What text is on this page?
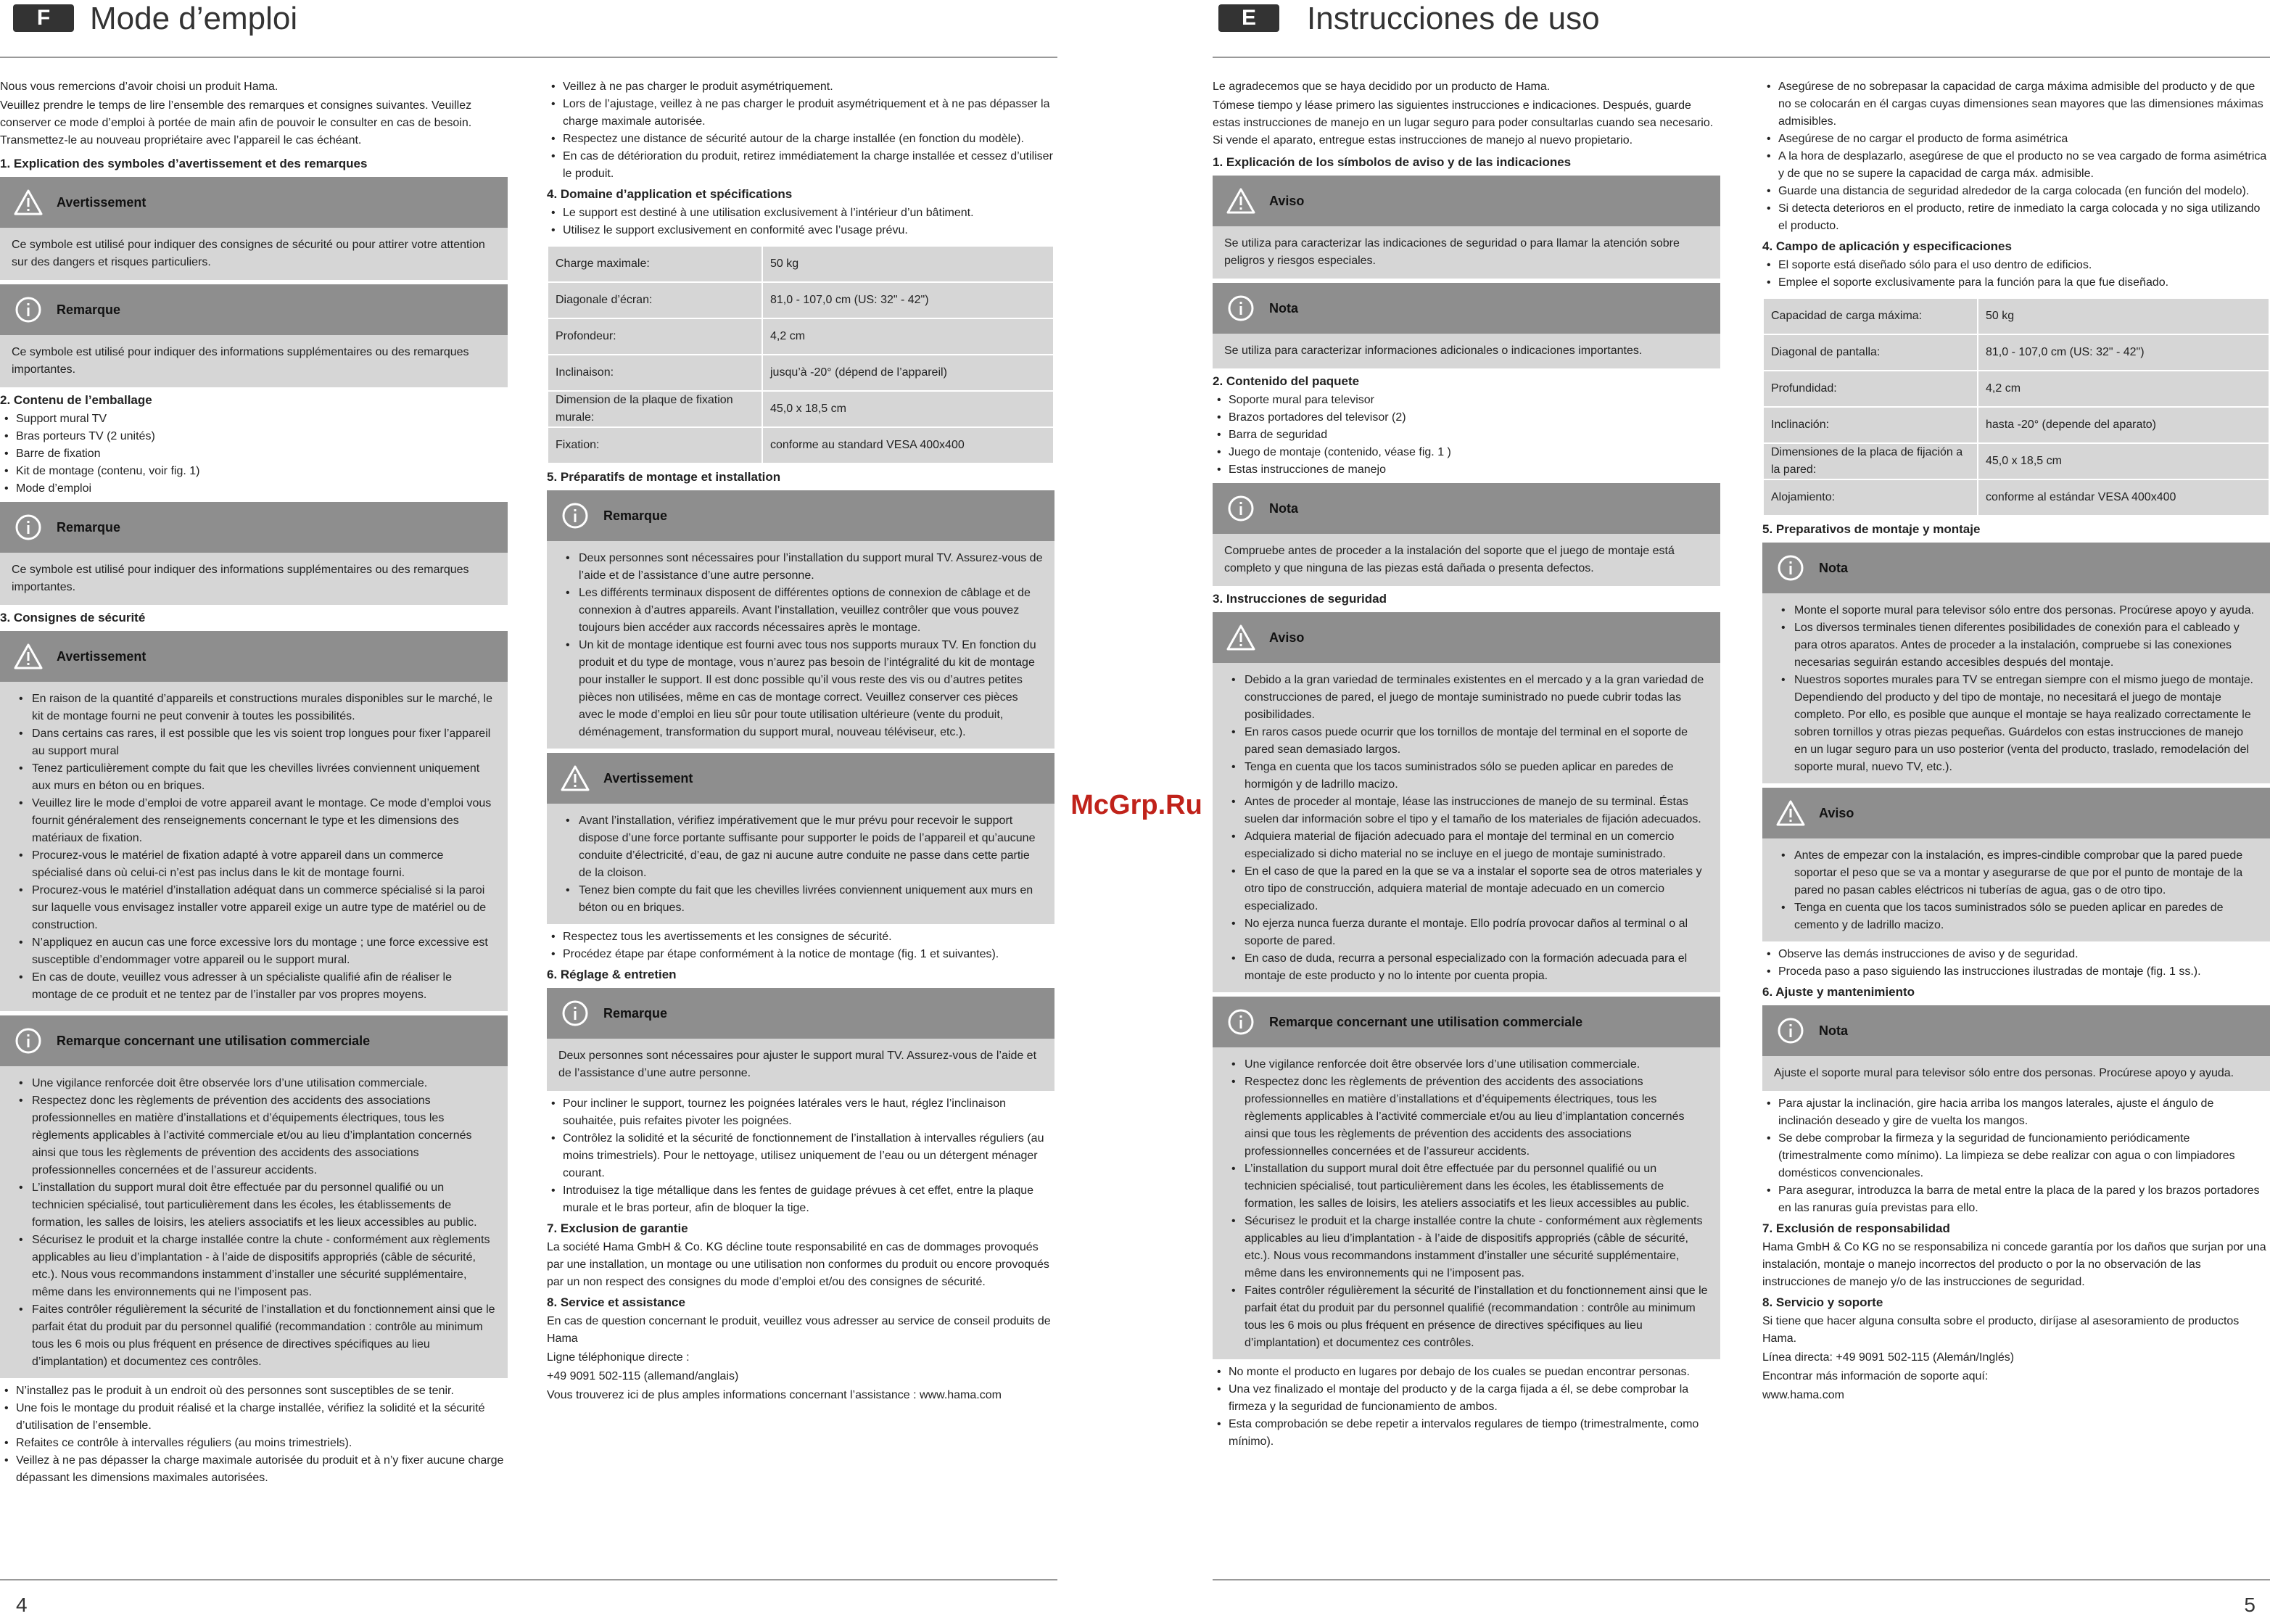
F	Mode d’emploi

Nous vous remercions d’avoir choisi un produit Hama.

Veuillez prendre le temps de lire l’ensemble des remarques et consignes suivantes. Veuillez conserver ce mode d’emploi à portée de main afin de pouvoir le consulter en cas de besoin. Transmettez-le au nouveau propriétaire avec l’appareil le cas échéant.

1. Explication des symboles d’avertissement et des remarques
Avertissement

Ce symbole est utilisé pour indiquer des consignes de sécurité ou pour attirer votre attention sur des dangers et risques particuliers.

Remarque

Ce symbole est utilisé pour indiquer des informations supplémentaires ou des remarques importantes.

2. Contenu de l’emballage
• Support mural TV
• Bras porteurs TV (2 unités)
• Barre de fixation
• Kit de montage (contenu, voir fig. 1)
• Mode d’emploi
Remarque

Ce symbole est utilisé pour indiquer des informations supplémentaires ou des remarques importantes.

3. Consignes de sécurité
Avertissement
• En raison de la quantité d’appareils et constructions murales disponibles sur le marché, le kit de montage fourni ne peut convenir à toutes les possibilités.
• Dans certains cas rares, il est possible que les vis soient trop longues pour fixer l’appareil au support mural
• Tenez particulièrement compte du fait que les chevilles livrées conviennent uniquement aux murs en béton ou en briques.
• Veuillez lire le mode d’emploi de votre appareil avant le montage. Ce mode d’emploi vous fournit généralement des renseignements concernant le type et les dimensions des matériaux de fixation.
• Procurez-vous le matériel de fixation adapté à votre appareil dans un commerce spécialisé dans où celui-ci n’est pas inclus dans le kit de montage fourni.
• Procurez-vous le matériel d’installation adéquat dans un commerce spécialisé si la paroi sur laquelle vous envisagez installer votre appareil exige un autre type de matériel ou de construction.
• N’appliquez en aucun cas une force excessive lors du montage ; une force excessive est susceptible d’endommager votre appareil ou le support mural.
• En cas de doute, veuillez vous adresser à un spécialiste qualifié afin de réaliser le montage de ce produit et ne tentez par de l’installer par vos propres moyens.
Remarque concernant une utilisation commerciale
• Une vigilance renforcée doit être observée lors d’une utilisation commerciale.
• Respectez donc les règlements de prévention des accidents des associations professionnelles en matière d’installations et d’équipements électriques, tous les règlements applicables à l’activité commerciale et/ou au lieu d’implantation concernés ainsi que tous les règlements de prévention des accidents des associations professionnelles concernées et de l’assureur accidents.
• L’installation du support mural doit être effectuée par du personnel qualifié ou un technicien spécialisé, tout particulièrement dans les écoles, les établissements de formation, les salles de loisirs, les ateliers associatifs et les lieux accessibles au public.
• Sécurisez le produit et la charge installée contre la chute - conformément aux règlements applicables au lieu d’implantation - à l’aide de dispositifs appropriés (câble de sécurité, etc.). Nous vous recommandons instamment d’installer une sécurité supplémentaire, même dans les environnements qui ne l’imposent pas.
• Faites contrôler régulièrement la sécurité de l’installation et du fonctionnement ainsi que le parfait état du produit par du personnel qualifié (recommandation : contrôle au minimum tous les 6 mois ou plus fréquent en présence de directives spécifiques au lieu d’implantation) et documentez ces contrôles.
• N’installez pas le produit à un endroit où des personnes sont susceptibles de se tenir.
• Une fois le montage du produit réalisé et la charge installée, vérifiez la solidité et la sécurité d’utilisation de l’ensemble.
• Refaites ce contrôle à intervalles réguliers (au moins trimestriels).
• Veillez à ne pas dépasser la charge maximale autorisée du produit et à n’y fixer aucune charge dépassant les dimensions maximales autorisées.
• Veillez à ne pas charger le produit asymétriquement.
• Lors de l’ajustage, veillez à ne pas charger le produit asymétriquement et à ne pas dépasser la charge maximale autorisée.
• Respectez une distance de sécurité autour de la charge installée (en fonction du modèle).
• En cas de détérioration du produit, retirez immédiatement la charge installée et cessez d’utiliser le produit.
4. Domaine d’application et spécifications
• Le support est destiné à une utilisation exclusivement à l’intérieur d’un bâtiment.
• Utilisez le support exclusivement en conformité avec l’usage prévu.
Charge maximale:	50 kg
Diagonale d’écran:	81,0 - 107,0 cm (US: 32" - 42")
Profondeur:	4,2 cm
Inclinaison:	jusqu’à -20° (dépend de l’appareil)
Dimension de la plaque de fixation murale:	45,0 x 18,5 cm
Fixation:	conforme au standard VESA 400x400
5. Préparatifs de montage et installation
Remarque
• Deux personnes sont nécessaires pour l’installation du support mural TV. Assurez-vous de l’aide et de l’assistance d’une autre personne.
• Les différents terminaux disposent de différentes options de connexion de câblage et de connexion à d’autres appareils. Avant l’installation, veuillez contrôler que vous pouvez toujours bien accéder aux raccords nécessaires après le montage.
• Un kit de montage identique est fourni avec tous nos supports muraux TV. En fonction du produit et du type de montage, vous n’aurez pas besoin de l’intégralité du kit de montage pour installer le support. Il est donc possible qu’il vous reste des vis ou d’autres petites pièces non utilisées, même en cas de montage correct. Veuillez conserver ces pièces avec le mode d’emploi en lieu sûr pour toute utilisation ultérieure (vente du produit, déménagement, transformation du support mural, nouveau téléviseur, etc.).
Avertissement
• Avant l’installation, vérifiez impérativement que le mur prévu pour recevoir le support dispose d’une force portante suffisante pour supporter le poids de l’appareil et qu’aucune conduite d’électricité, d’eau, de gaz ni aucune autre conduite ne passe dans cette partie de la cloison.
• Tenez bien compte du fait que les chevilles livrées conviennent uniquement aux murs en béton ou en briques.
• Respectez tous les avertissements et les consignes de sécurité.
• Procédez étape par étape conformément à la notice de montage (fig. 1 et suivantes).
6. Réglage & entretien
Remarque

Deux personnes sont nécessaires pour ajuster le support mural TV. Assurez-vous de l’aide et de l’assistance d’une autre personne.

• Pour incliner le support, tournez les poignées latérales vers le haut, réglez l’inclinaison souhaitée, puis refaites pivoter les poignées.
• Contrôlez la solidité et la sécurité de fonctionnement de l’installation à intervalles réguliers (au moins trimestriels). Pour le nettoyage, utilisez uniquement de l’eau ou un détergent ménager courant.
• Introduisez la tige métallique dans les fentes de guidage prévues à cet effet, entre la plaque murale et le bras porteur, afin de bloquer la tige.
7. Exclusion de garantie

La société Hama GmbH & Co. KG décline toute responsabilité en cas de dommages provoqués par une installation, un montage ou une utilisation non conformes du produit ou encore provoqués par un non respect des consignes du mode d’emploi et/ou des consignes de sécurité.

8. Service et assistance

En cas de question concernant le produit, veuillez vous adresser au service de conseil produits de Hama

Ligne téléphonique directe :

+49 9091 502-115 (allemand/anglais)

Vous trouverez ici de plus amples informations concernant l’assistance : www.hama.com

4
McGrp.Ru
E	Instrucciones de uso

Le agradecemos que se haya decidido por un producto de Hama.

Tómese tiempo y léase primero las siguientes instrucciones e indicaciones. Después, guarde estas instrucciones de manejo en un lugar seguro para poder consultarlas cuando sea necesario. Si vende el aparato, entregue estas instrucciones de manejo al nuevo propietario.

1. Explicación de los símbolos de aviso y de las indicaciones
Aviso

Se utiliza para caracterizar las indicaciones de seguridad o para llamar la atención sobre peligros y riesgos especiales.

Nota

Se utiliza para caracterizar informaciones adicionales o indicaciones importantes.

2. Contenido del paquete
• Soporte mural para televisor
• Brazos portadores del televisor (2)
• Barra de seguridad
• Juego de montaje (contenido, véase fig. 1 )
• Estas instrucciones de manejo
Nota

Compruebe antes de proceder a la instalación del soporte que el juego de montaje está completo y que ninguna de las piezas está dañada o presenta defectos.

3. Instrucciones de seguridad
Aviso
• Debido a la gran variedad de terminales existentes en el mercado y a la gran variedad de construcciones de pared, el juego de montaje suministrado no puede cubrir todas las posibilidades.
• En raros casos puede ocurrir que los tornillos de montaje del terminal en el soporte de pared sean demasiado largos.
• Tenga en cuenta que los tacos suministrados sólo se pueden aplicar en paredes de hormigón y de ladrillo macizo.
• Antes de proceder al montaje, léase las instrucciones de manejo de su terminal. Éstas suelen dar información sobre el tipo y el tamaño de los materiales de fijación adecuados.
• Adquiera material de fijación adecuado para el montaje del terminal en un comercio especializado si dicho material no se incluye en el juego de montaje suministrado.
• En el caso de que la pared en la que se va a instalar el soporte sea de otros materiales y otro tipo de construcción, adquiera material de montaje adecuado en un comercio especializado.
• No ejerza nunca fuerza durante el montaje. Ello podría provocar daños al terminal o al soporte de pared.
• En caso de duda, recurra a personal especializado con la formación adecuada para el montaje de este producto y no lo intente por cuenta propia.
Remarque concernant une utilisation commerciale
• Une vigilance renforcée doit être observée lors d’une utilisation commerciale.
• Respectez donc les règlements de prévention des accidents des associations professionnelles en matière d’installations et d’équipements électriques, tous les règlements applicables à l’activité commerciale et/ou au lieu d’implantation concernés ainsi que tous les règlements de prévention des accidents des associations professionnelles concernées et de l’assureur accidents.
• L’installation du support mural doit être effectuée par du personnel qualifié ou un technicien spécialisé, tout particulièrement dans les écoles, les établissements de formation, les salles de loisirs, les ateliers associatifs et les lieux accessibles au public.
• Sécurisez le produit et la charge installée contre la chute - conformément aux règlements applicables au lieu d’implantation - à l’aide de dispositifs appropriés (câble de sécurité, etc.). Nous vous recommandons instamment d’installer une sécurité supplémentaire, même dans les environnements qui ne l’imposent pas.
• Faites contrôler régulièrement la sécurité de l’installation et du fonctionnement ainsi que le parfait état du produit par du personnel qualifié (recommandation : contrôle au minimum tous les 6 mois ou plus fréquent en présence de directives spécifiques au lieu d’implantation) et documentez ces contrôles.
• No monte el producto en lugares por debajo de los cuales se puedan encontrar personas.
• Una vez finalizado el montaje del producto y de la carga fijada a él, se debe comprobar la firmeza y la seguridad de funcionamiento de ambos.
• Esta comprobación se debe repetir a intervalos regulares de tiempo (trimestralmente, como mínimo).
• Asegúrese de no sobrepasar la capacidad de carga máxima admisible del producto y de que no se colocarán en él cargas cuyas dimensiones sean mayores que las dimensiones máximas admisibles.
• Asegúrese de no cargar el producto de forma asimétrica
• A la hora de desplazarlo, asegúrese de que el producto no se vea cargado de forma asimétrica y de que no se supere la capacidad de carga máx. admisible.
• Guarde una distancia de seguridad alrededor de la carga colocada (en función del modelo).
• Si detecta deterioros en el producto, retire de inmediato la carga colocada y no siga utilizando el producto.
4. Campo de aplicación y especificaciones
• El soporte está diseñado sólo para el uso dentro de edificios.
• Emplee el soporte exclusivamente para la función para la que fue diseñado.
Capacidad de carga máxima:	50 kg
Diagonal de pantalla:	81,0 - 107,0 cm (US: 32" - 42")
Profundidad:	4,2 cm
Inclinación:	hasta -20° (depende del aparato)
Dimensiones de la placa de fijación a la pared:	45,0 x 18,5 cm
Alojamiento:	conforme al estándar VESA 400x400
5. Preparativos de montaje y montaje
Nota
• Monte el soporte mural para televisor sólo entre dos personas. Procúrese apoyo y ayuda.
• Los diversos terminales tienen diferentes posibilidades de conexión para el cableado y para otros aparatos. Antes de proceder a la instalación, compruebe si las conexiones necesarias seguirán estando accesibles después del montaje.
• Nuestros soportes murales para TV se entregan siempre con el mismo juego de montaje. Dependiendo del producto y del tipo de montaje, no necesitará el juego de montaje completo. Por ello, es posible que aunque el montaje se haya realizado correctamente le sobren tornillos y otras piezas pequeñas. Guárdelos con estas instrucciones de manejo en un lugar seguro para un uso posterior (venta del producto, traslado, remodelación del soporte mural, nuevo TV, etc.).
Aviso
• Antes de empezar con la instalación, es impres-cindible comprobar que la pared puede soportar el peso que se va a montar y asegurarse de que por el punto de montaje de la pared no pasan cables eléctricos ni tuberías de agua, gas o de otro tipo.
• Tenga en cuenta que los tacos suministrados sólo se pueden aplicar en paredes de cemento y de ladrillo macizo.
• Observe las demás instrucciones de aviso y de seguridad.
• Proceda paso a paso siguiendo las instrucciones ilustradas de montaje (fig. 1 ss.).
6. Ajuste y mantenimiento
Nota

Ajuste el soporte mural para televisor sólo entre dos personas. Procúrese apoyo y ayuda.

• Para ajustar la inclinación, gire hacia arriba los mangos laterales, ajuste el ángulo de inclinación deseado y gire de vuelta los mangos.
• Se debe comprobar la firmeza y la seguridad de funcionamiento periódicamente (trimestralmente como mínimo). La limpieza se debe realizar con agua o con limpiadores domésticos convencionales.
• Para asegurar, introduzca la barra de metal entre la placa de la pared y los brazos portadores en las ranuras guía previstas para ello.
7. Exclusión de responsabilidad

Hama GmbH & Co KG no se responsabiliza ni concede garantía por los daños que surjan por una instalación, montaje o manejo incorrectos del producto o por la no observación de las instrucciones de manejo y/o de las instrucciones de seguridad.

8. Servicio y soporte

Si tiene que hacer alguna consulta sobre el producto, diríjase al asesoramiento de productos Hama.

Línea directa: +49 9091 502-115 (Alemán/Inglés)

Encontrar más información de soporte aquí:

www.hama.com

5
